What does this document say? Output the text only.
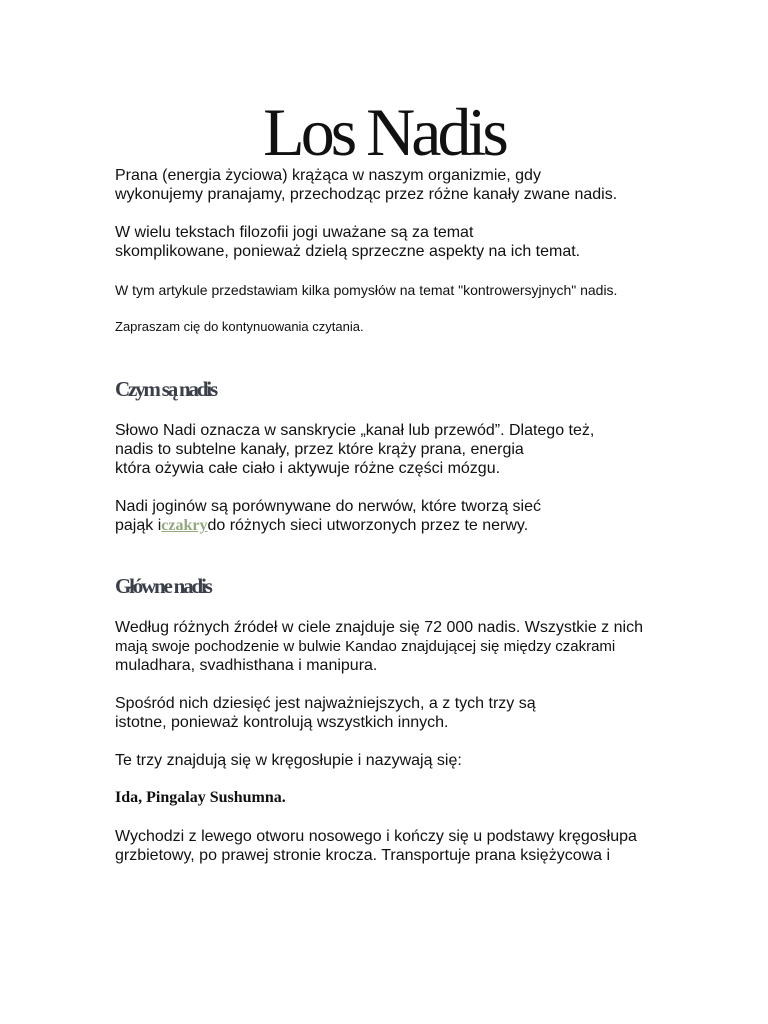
Los Nadis
Prana (energia życiowa) krążąca w naszym organizmie, gdy
wykonujemy pranajamy, przechodząc przez różne kanały zwane nadis.
W wielu tekstach filozofii jogi uważane są za temat
skomplikowane, ponieważ dzielą sprzeczne aspekty na ich temat.
W tym artykule przedstawiam kilka pomysłów na temat "kontrowersyjnych" nadis.
Zapraszam cię do kontynuowania czytania.
Czym są nadis
Słowo Nadi oznacza w sanskrycie „kanał lub przewód”. Dlatego też,
nadis to subtelne kanały, przez które krąży prana, energia
która ożywia całe ciało i aktywuje różne części mózgu.
Nadi joginów są porównywane do nerwów, które tworzą sieć
pająk iczakrydo różnych sieci utworzonych przez te nerwy.
Główne nadis
Według różnych źródeł w ciele znajduje się 72 000 nadis. Wszystkie z nich
mają swoje pochodzenie w bulwie Kandao znajdującej się między czakrami
muladhara, svadhisthana i manipura.
Spośród nich dziesięć jest najważniejszych, a z tych trzy są
istotne, ponieważ kontrolują wszystkich innych.
Te trzy znajdują się w kręgosłupie i nazywają się:
Ida, Pingalay Sushumna.
Wychodzi z lewego otworu nosowego i kończy się u podstawy kręgosłupa
grzbietowy, po prawej stronie krocza. Transportuje prana księżycowa i
